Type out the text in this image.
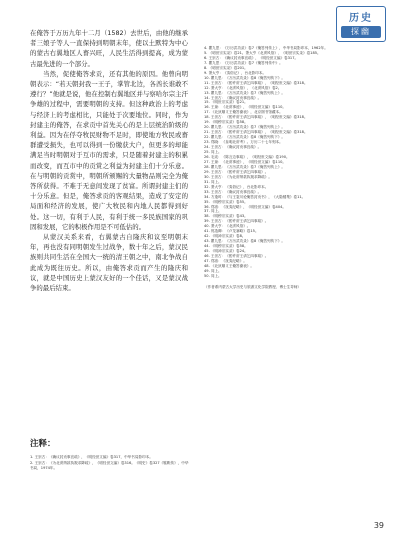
历史
探幽

在俺答于万历九年十二月（1582）去世后，由他的继承者三娘子等人一直保持到明朝末年，使以土默特为中心的蒙古右翼地区人畜兴旺，人民生活得到提高，成为蒙古最先进的一个部分。

当然，促使俺答求贡，还有其他的原因。他曾向明朝表示：“若天朝封我一王子，掌管北边，各酋长谁敢不遵行？”他就是说，他在控制右翼地区并与察哈尔宗主汗争雄的过程中，需要明朝的支持。但这种政治上的考虑与经济上的考虑相比，只能处于次要地位。同时，作为封建主的俺答，在求贡中首先关心的是上层统治阶级的利益。因为在俘夺牧民财物不足时，即使地方牧民或畜群遭受损失，也可以得到一份缴获大户，但更多的却能满足当时明朝对于互市的需求，只是随着封建主的积累而改变，而互市中的贡赏之利益为封建主们十分乐意。在与明朝的贡赏中，明朝所颁赐的大量物品则完全为俺答所获得。不难于无意间发现了贫富。所谓封建主们的十分乐意。但是，俺答求贡的客观结果，造成了安定的局面和经济的发展，使广大牧民和内地人民都得到好处。这一切，有利于人民，有利于统一多民族国家的巩固和发展，它的积极作用是不可低估的。

从蒙汉关系来看，右翼蒙古自隆庆和议至明朝末年，再也没有同明朝发生过战争，数十年之后，蒙汉民族则共同生活在全国大一统的清王朝之中，南北争战自此成为既往历史。所以，由俺答求贡而产生的隆庆和议，就是中国历史上蒙汉友好的一个佳话，又是蒙汉战争的最后结束。

注释：
1. 王崇古：《确议封贡事宜疏》，《明经世文编》卷317，中华书局影印本。
2. 王崇古：《为北虏纳款执叛求降疏》，《明经世文编》卷316。《明史》卷327《鞑靼传》，中华书局，1974年。
4. 瞿九思：《万历武功录》卷7《俺答列传上》，中华书局影印本，1962年。
5. 《明世宗实录》卷21。萧大亨《北虏风俗》、《明世宗实录》卷185。
6. 王崇古：《确议封贡事宜疏》，《明经世文编》卷317。
7. 瞿九思：《万历武功录》卷7《俺答列传中》。
8. 《明世宗实录》卷201。
9. 萧大亨：《夷俗记》，台北影印本。
10. 瞿九思：《万历武功录》卷8《俺答列传下》。
11. 王崇古：《酌许虏王请乞四事疏》，《明经世文编》卷318。
12. 萧大亨：《北虏风俗》，《北虏风俗》卷2。
13. 瞿九思：《万历武功录》卷7《俺答列传上》。
14. 王崇古：《确议封贡事宜疏》。
15. 《明世宗实录》卷21。
16. 王琼：《北虏事迹》，《明经世文编》卷110。
17. 《北狄顺义王俺答谢表》，北京图书馆藏本。
18. 王崇古：《酌许虏王请乞四事疏》，《明经世文编》卷318。
19. 《明穆宗实录》卷58。
20. 瞿九思：《万历武功录》卷7《俺答列传上》。
21. 王崇古：《酌许虏王请乞四事疏》，《明经世文编》卷318。
22. 瞿九思：《万历武功录》卷8《俺答列传下》。
23. 郑晓：《皇明北虏考》。万历二十七年刻本。
24. 王崇古：《确议封贡事宜疏》。
25. 同上。
26. 毛宪：《陈言边事疏》，《明经世文编》卷190。
27. 王琼：《北虏事迹》，《明经世文编》卷110。
28. 瞿九思：《万历武功录》卷7《俺答列传上》。
29. 王崇古：《酌许虏王请乞四事疏》。
30. 王崇古：《为北虏纳款执叛求降疏》。
31. 同上。
32. 萧大亨：《夷俗记》，台北影印本。
33. 王崇古：《确议封贡事宜疏》。
34. 方逢时：《与王鉴川论俺答封贡书》，《大隐楼集》卷11。
35. 《明穆宗实录》卷55。
36. 郑洛：《抚夷纪略》，《明经世文编》卷404。
37. 同上。
38. 《明穆宗实录》卷43。
39. 王崇古：《酌许虏王请乞四事疏》。
40. 萧大亨：《北虏风俗》。
41. 郭造卿：《卢龙塞略》卷15。
42. 《明神宗实录》卷8。
43. 瞿九思：《万历武功录》卷8《俺答列传下》。
44. 《明穆宗实录》卷58。
45. 《明神宗实录》卷24。
46. 王崇古：《酌许虏王请乞四事疏》。
47. 郑洛：《抚夷纪略》。
48. 《北狄顺义王俺答谢表》。
49. 同上。
50. 同上。
（作者系内蒙古大学历史与旅游文化学院教授、博士生导师）
39
